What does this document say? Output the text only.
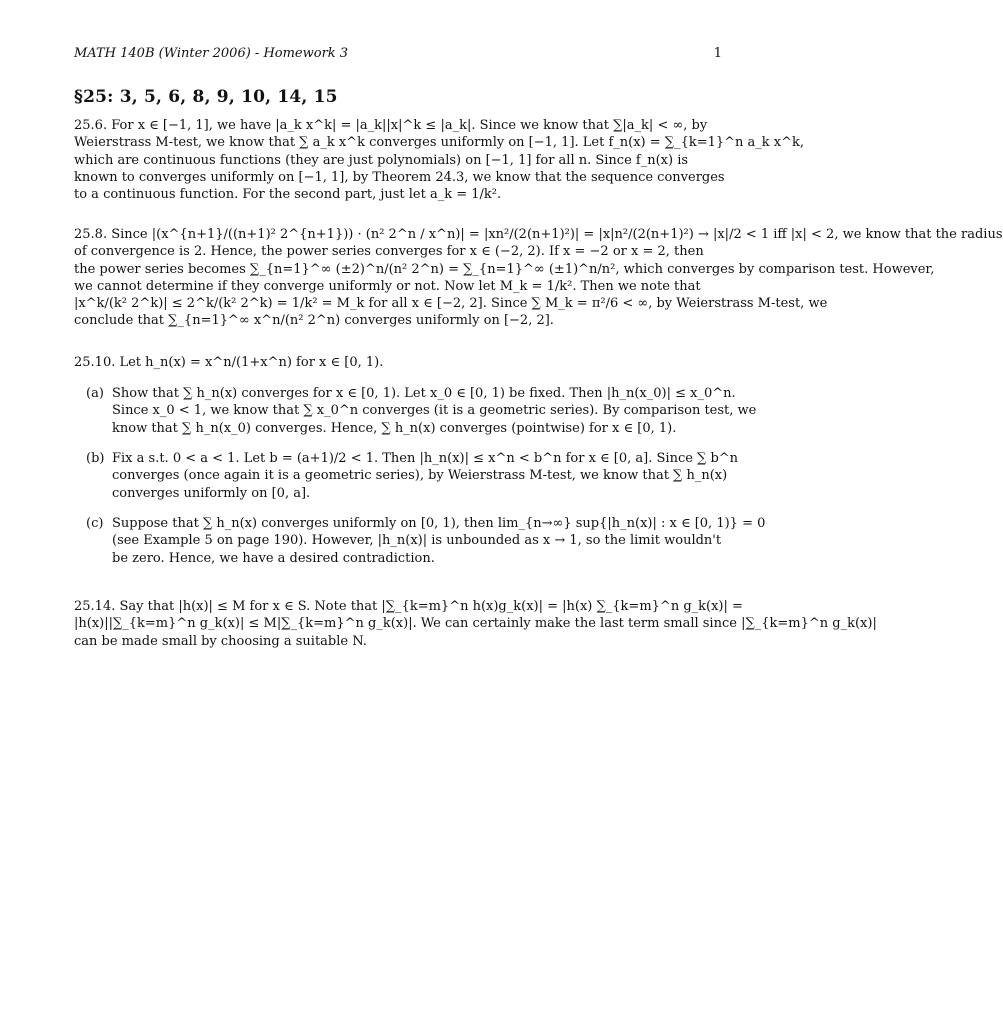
MATH 140B (Winter 2006) - Homework 3	1
§25: 3, 5, 6, 8, 9, 10, 14, 15
25.6. For x ∈ [−1, 1], we have |a_k x^k| = |a_k||x|^k ≤ |a_k|. Since we know that ∑|a_k| < ∞, by
Weierstrass M-test, we know that ∑ a_k x^k converges uniformly on [−1, 1]. Let f_n(x) = ∑_{k=1}^n a_k x^k,
which are continuous functions (they are just polynomials) on [−1, 1] for all n. Since f_n(x) is
known to converges uniformly on [−1, 1], by Theorem 24.3, we know that the sequence converges
to a continuous function. For the second part, just let a_k = 1/k².
25.8. Since |(x^{n+1}/((n+1)² 2^{n+1})) · (n² 2^n / x^n)| = |xn²/(2(n+1)²)| = |x|n²/(2(n+1)²) → |x|/2 < 1 iff |x| < 2, we know that the radius
of convergence is 2. Hence, the power series converges for x ∈ (−2, 2). If x = −2 or x = 2, then
the power series becomes ∑_{n=1}^∞ (±2)^n/(n² 2^n) = ∑_{n=1}^∞ (±1)^n/n², which converges by comparison test. However,
we cannot determine if they converge uniformly or not. Now let M_k = 1/k². Then we note that
|x^k/(k² 2^k)| ≤ 2^k/(k² 2^k) = 1/k² = M_k for all x ∈ [−2, 2]. Since ∑ M_k = π²/6 < ∞, by Weierstrass M-test, we
conclude that ∑_{n=1}^∞ x^n/(n² 2^n) converges uniformly on [−2, 2].
25.10. Let h_n(x) = x^n/(1+x^n) for x ∈ [0, 1).
(a) Show that ∑ h_n(x) converges for x ∈ [0, 1). Let x_0 ∈ [0, 1) be fixed. Then |h_n(x_0)| ≤ x_0^n.
Since x_0 < 1, we know that ∑ x_0^n converges (it is a geometric series). By comparison test, we
know that ∑ h_n(x_0) converges. Hence, ∑ h_n(x) converges (pointwise) for x ∈ [0, 1).
(b) Fix a s.t. 0 < a < 1. Let b = (a+1)/2 < 1. Then |h_n(x)| ≤ x^n < b^n for x ∈ [0, a]. Since ∑ b^n
converges (once again it is a geometric series), by Weierstrass M-test, we know that ∑ h_n(x)
converges uniformly on [0, a].
(c) Suppose that ∑ h_n(x) converges uniformly on [0, 1), then lim_{n→∞} sup{|h_n(x)| : x ∈ [0, 1)} = 0
(see Example 5 on page 190). However, |h_n(x)| is unbounded as x → 1, so the limit wouldn't
be zero. Hence, we have a desired contradiction.
25.14. Say that |h(x)| ≤ M for x ∈ S. Note that |∑_{k=m}^n h(x)g_k(x)| = |h(x) ∑_{k=m}^n g_k(x)| =
|h(x)||∑_{k=m}^n g_k(x)| ≤ M|∑_{k=m}^n g_k(x)|. We can certainly make the last term small since |∑_{k=m}^n g_k(x)|
can be made small by choosing a suitable N.
